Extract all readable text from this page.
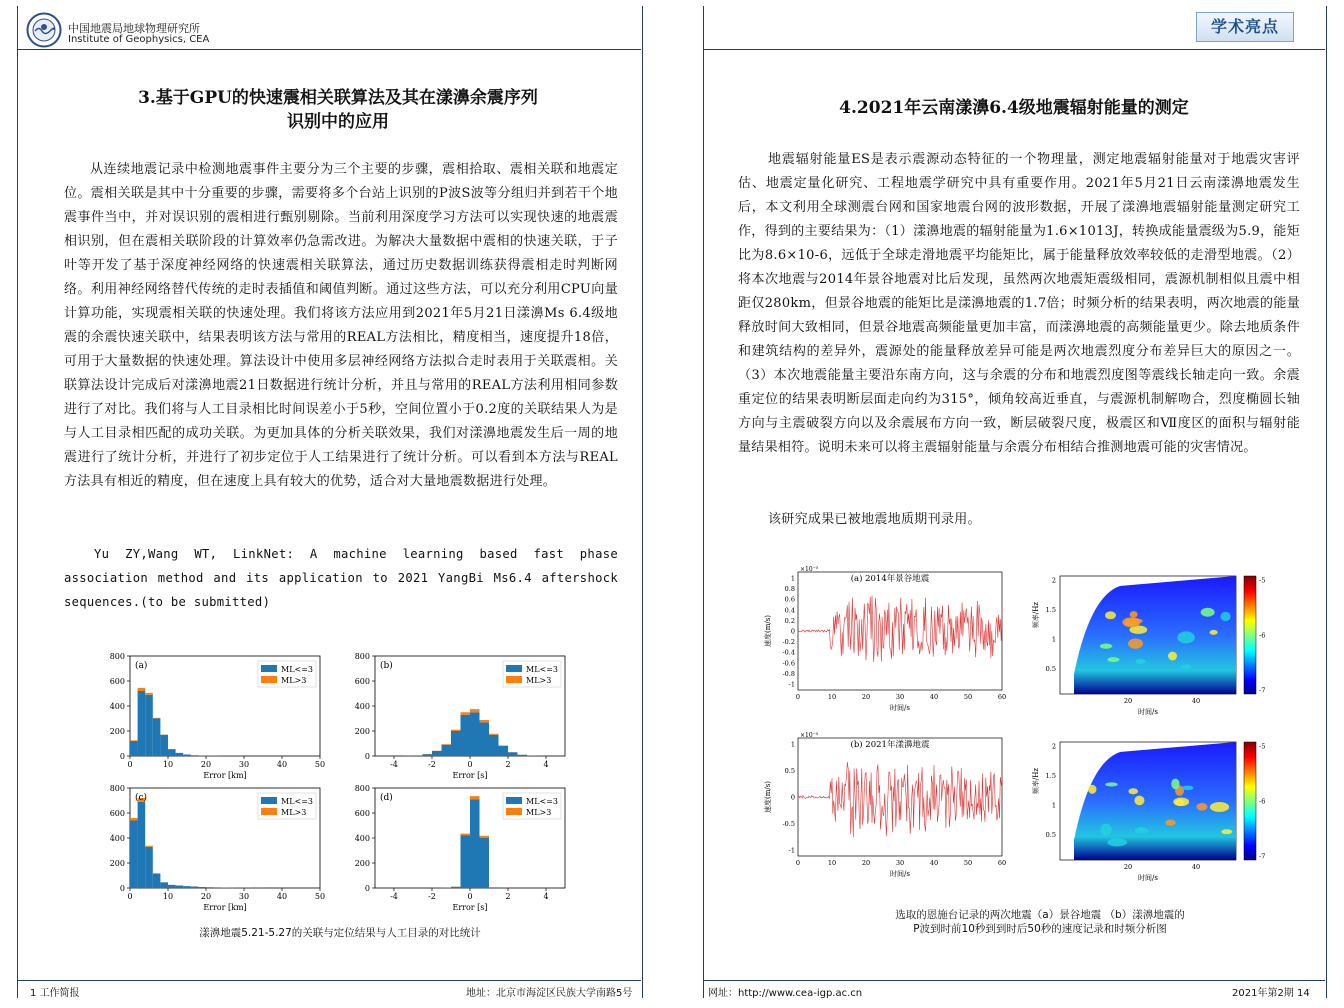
中国地震局地球物理研究所
Institute of Geophysics, CEA
学术亮点
3.基于GPU的快速震相关联算法及其在漾濞余震序列
识别中的应用
从连续地震记录中检测地震事件主要分为三个主要的步骤，震相拾取、震相关联和地震定位。震相关联是其中十分重要的步骤，需要将多个台站上识别的P波S波等分组归并到若干个地震事件当中，并对误识别的震相进行甄别剔除。当前利用深度学习方法可以实现快速的地震震相识别，但在震相关联阶段的计算效率仍急需改进。为解决大量数据中震相的快速关联，于子叶等开发了基于深度神经网络的快速震相关联算法，通过历史数据训练获得震相走时判断网络。利用神经网络替代传统的走时表插值和阈值判断。通过这些方法，可以充分利用CPU向量计算功能，实现震相关联的快速处理。我们将该方法应用到2021年5月21日漾濞Ms 6.4级地震的余震快速关联中，结果表明该方法与常用的REAL方法相比，精度相当，速度提升18倍，可用于大量数据的快速处理。算法设计中使用多层神经网络方法拟合走时表用于关联震相。关联算法设计完成后对漾濞地震21日数据进行统计分析，并且与常用的REAL方法利用相同参数进行了对比。我们将与人工目录相比时间误差小于5秒，空间位置小于0.2度的关联结果人为是与人工目录相匹配的成功关联。为更加具体的分析关联效果，我们对漾濞地震发生后一周的地震进行了统计分析，并进行了初步定位于人工结果进行了统计分析。可以看到本方法与REAL方法具有相近的精度，但在速度上具有较大的优势，适合对大量地震数据进行处理。
Yu ZY,Wang WT, LinkNet: A machine learning based fast phase association method and its application to 2021 YangBi Ms6.4 aftershock sequences.(to be submitted)
0
200
400
600
800
0	10	20	30	40	50
Error [km]
(a)	ML<=3
ML>3
0
200
400
600
800
-4	-2	0	2	4
Error [s]
(b)	ML<=3
ML>3
0
200
400
600
800
0	10	20	30	40	50
Error [km]
(c)	ML<=3
ML>3
0
200
400
600
800
-4	-2	0	2	4
Error [s]
(d)	ML<=3
ML>3
漾濞地震5.21-5.27的关联与定位结果与人工目录的对比统计
4.2021年云南漾濞6.4级地震辐射能量的测定
地震辐射能量ES是表示震源动态特征的一个物理量，测定地震辐射能量对于地震灾害评估、地震定量化研究、工程地震学研究中具有重要作用。2021年5月21日云南漾濞地震发生后，本文利用全球测震台网和国家地震台网的波形数据，开展了漾濞地震辐射能量测定研究工作，得到的主要结果为：（1）漾濞地震的辐射能量为1.6×1013J，转换成能量震级为5.9，能矩比为8.6×10-6，远低于全球走滑地震平均能矩比，属于能量释放效率较低的走滑型地震。（2）将本次地震与2014年景谷地震对比后发现，虽然两次地震矩震级相同，震源机制相似且震中相距仅280km，但景谷地震的能矩比是漾濞地震的1.7倍；时频分析的结果表明，两次地震的能量释放时间大致相同，但景谷地震高频能量更加丰富，而漾濞地震的高频能量更少。除去地质条件和建筑结构的差异外，震源处的能量释放差异可能是两次地震烈度分布差异巨大的原因之一。（3）本次地震能量主要沿东南方向，这与余震的分布和地震烈度图等震线长轴走向一致。余震重定位的结果表明断层面走向约为315°，倾角较高近垂直，与震源机制解吻合，烈度椭圆长轴方向与主震破裂方向以及余震展布方向一致，断层破裂尺度，极震区和Ⅶ度区的面积与辐射能量结果相符。说明未来可以将主震辐射能量与余震分布相结合推测地震可能的灾害情况。
该研究成果已被地震地质期刊录用。
(a) 2014年景谷地震
×10⁻⁵
-1
-0.8
-0.6
-0.4
-0.2
0
0.2
0.4
0.6
0.8
1
0	10	20	30	40	50	60
时间/s
速度(m/s)
0.5
1
1.5
2
20	40
时间/s
频率/Hz
-5
-6
-7
(b) 2021年漾濞地震
×10⁻⁵
-1
-0.5
0
0.5
1
0	10	20	30	40	50	60
时间/s
速度(m/s)
0.5
1
1.5
2
20	40
时间/s
频率/Hz
-5
-6
-7
选取的恩施台记录的两次地震（a）景谷地震 （b）漾濞地震的
P波到时前10秒到到时后50秒的速度记录和时频分析图
1 工作简报	地址：北京市海淀区民族大学南路5号	网址：http://www.cea-igp.ac.cn	2021年第2期 14
